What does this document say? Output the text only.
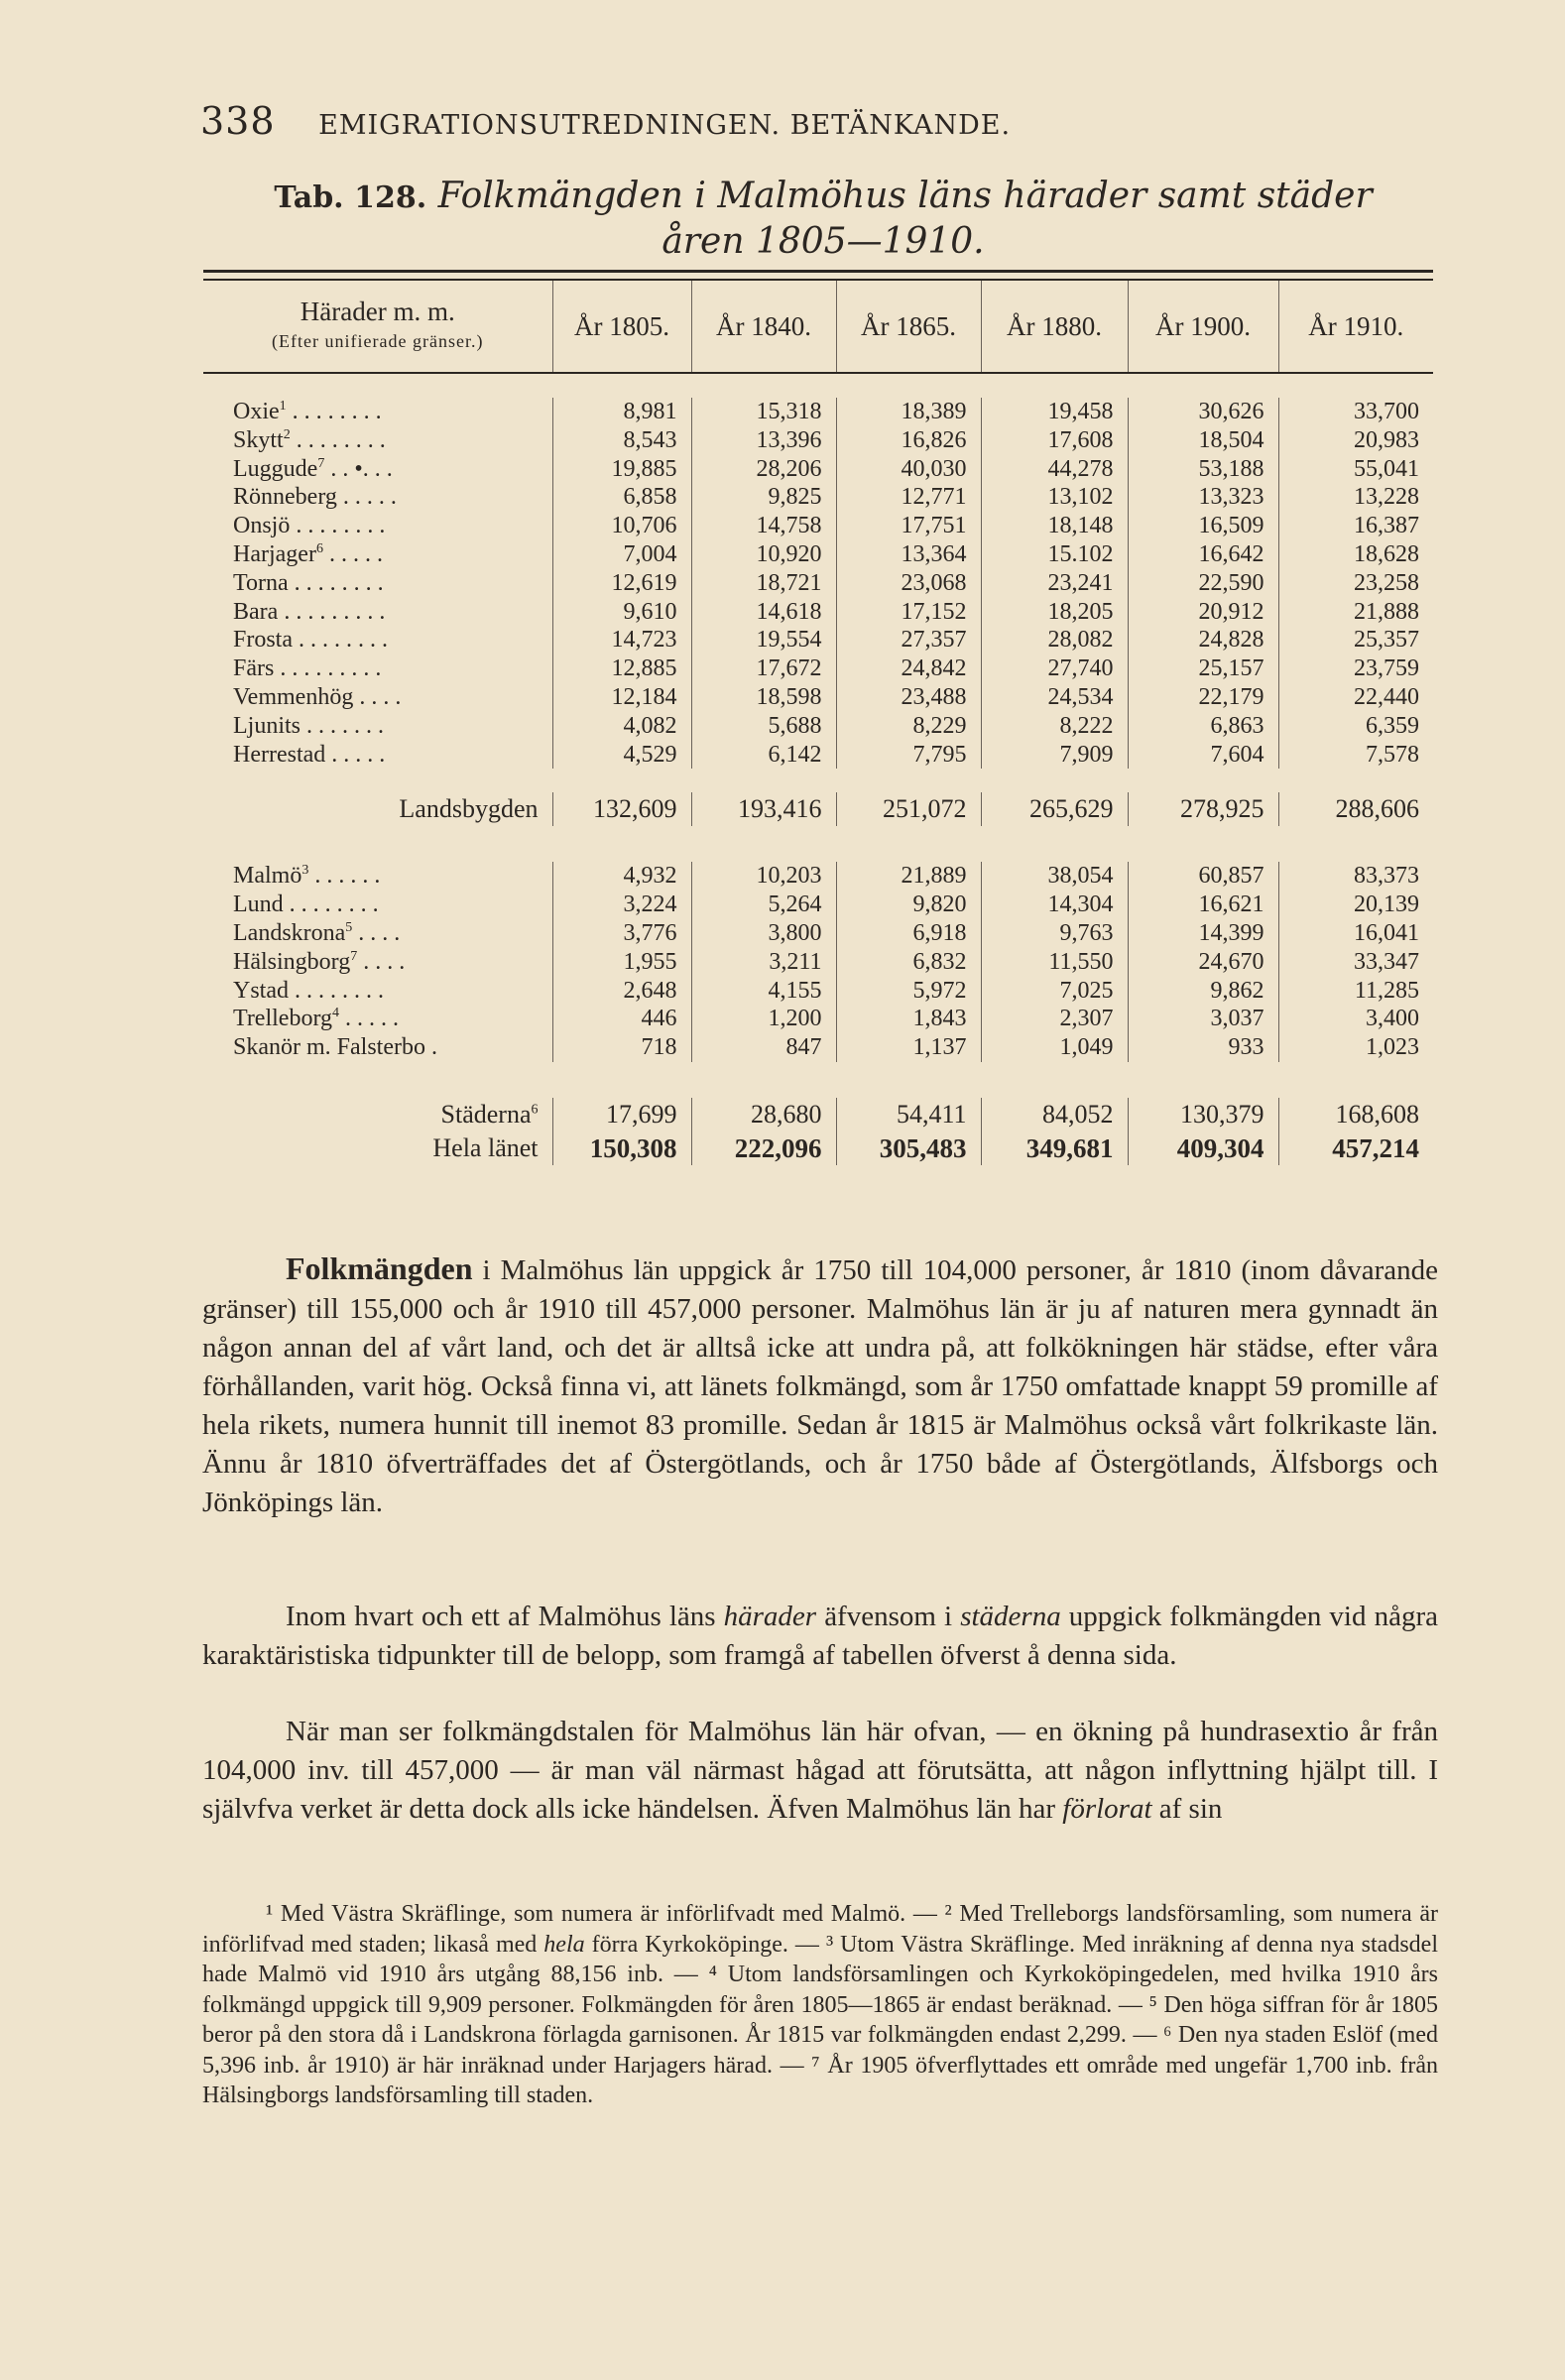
338 EMIGRATIONSUTREDNINGEN. BETÄNKANDE.
Tab. 128. Folkmängden i Malmöhus läns härader samt städer
åren 1805—1910.

Härader m. m.
(Efter unifierade gränser.)	År 1805.	År 1840.	År 1865.	År 1880.	År 1900.	År 1910.

Oxie$^1$ . . . . . . . .	8,981	15,318	18,389	19,458	30,626	33,700
Skytt$^2$ . . . . . . . .	8,543	13,396	16,826	17,608	18,504	20,983
Luggude$^7$ . . •. . .	19,885	28,206	40,030	44,278	53,188	55,041
Rönneberg . . . . .	6,858	9,825	12,771	13,102	13,323	13,228
Onsjö . . . . . . . .	10,706	14,758	17,751	18,148	16,509	16,387
Harjager$^6$ . . . . .	7,004	10,920	13,364	15.102	16,642	18,628
Torna . . . . . . . .	12,619	18,721	23,068	23,241	22,590	23,258
Bara . . . . . . . . .	9,610	14,618	17,152	18,205	20,912	21,888
Frosta . . . . . . . .	14,723	19,554	27,357	28,082	24,828	25,357
Färs . . . . . . . . .	12,885	17,672	24,842	27,740	25,157	23,759
Vemmenhög . . . .	12,184	18,598	23,488	24,534	22,179	22,440
Ljunits . . . . . . .	4,082	5,688	8,229	8,222	6,863	6,359
Herrestad . . . . .	4,529	6,142	7,795	7,909	7,604	7,578

Landsbygden	132,609	193,416	251,072	265,629	278,925	288,606

Malmö$^3$ . . . . . .	4,932	10,203	21,889	38,054	60,857	83,373
Lund . . . . . . . .	3,224	5,264	9,820	14,304	16,621	20,139
Landskrona$^5$ . . . .	3,776	3,800	6,918	9,763	14,399	16,041
Hälsingborg$^7$ . . . .	1,955	3,211	6,832	11,550	24,670	33,347
Ystad . . . . . . . .	2,648	4,155	5,972	7,025	9,862	11,285
Trelleborg$^4$ . . . . .	446	1,200	1,843	2,307	3,037	3,400
Skanör m. Falsterbo .	718	847	1,137	1,049	933	1,023

Städerna$^6$	17,699	28,680	54,411	84,052	130,379	168,608
Hela länet	150,308	222,096	305,483	349,681	409,304	457,214
Folkmängden i Malmöhus län uppgick år 1750 till 104,000 personer, år 1810 (inom dåvarande gränser) till 155,000 och år 1910 till 457,000 personer. Malmöhus län är ju af naturen mera gynnadt än någon annan del af vårt land, och det är alltså icke att undra på, att folkökningen här städse, efter våra förhållanden, varit hög. Också finna vi, att länets folkmängd, som år 1750 omfattade knappt 59 promille af hela rikets, numera hunnit till inemot 83 promille. Sedan år 1815 är Malmöhus också vårt folkrikaste län. Ännu år 1810 öfverträffades det af Östergötlands, och år 1750 både af Östergötlands, Älfsborgs och Jönköpings län.
Inom hvart och ett af Malmöhus läns härader äfvensom i städerna uppgick folkmängden vid några karaktäristiska tidpunkter till de belopp, som framgå af tabellen öfverst å denna sida.
När man ser folkmängdstalen för Malmöhus län här ofvan, — en ökning på hundrasextio år från 104,000 inv. till 457,000 — är man väl närmast hågad att förutsätta, att någon inflyttning hjälpt till. I självfva verket är detta dock alls icke händelsen. Äfven Malmöhus län har förlorat af sin
¹ Med Västra Skräflinge, som numera är införlifvadt med Malmö. — ² Med Trelleborgs landsförsamling, som numera är införlifvad med staden; likaså med hela förra Kyrkoköpinge. — ³ Utom Västra Skräflinge. Med inräkning af denna nya stadsdel hade Malmö vid 1910 års utgång 88,156 inb. — ⁴ Utom landsförsamlingen och Kyrkoköpingedelen, med hvilka 1910 års folkmängd uppgick till 9,909 personer. Folkmängden för åren 1805—1865 är endast beräknad. — ⁵ Den höga siffran för år 1805 beror på den stora då i Landskrona förlagda garnisonen. År 1815 var folkmängden endast 2,299. — ⁶ Den nya staden Eslöf (med 5,396 inb. år 1910) är här inräknad under Harjagers härad. — ⁷ År 1905 öfverflyttades ett område med ungefär 1,700 inb. från Hälsingborgs landsförsamling till staden.
